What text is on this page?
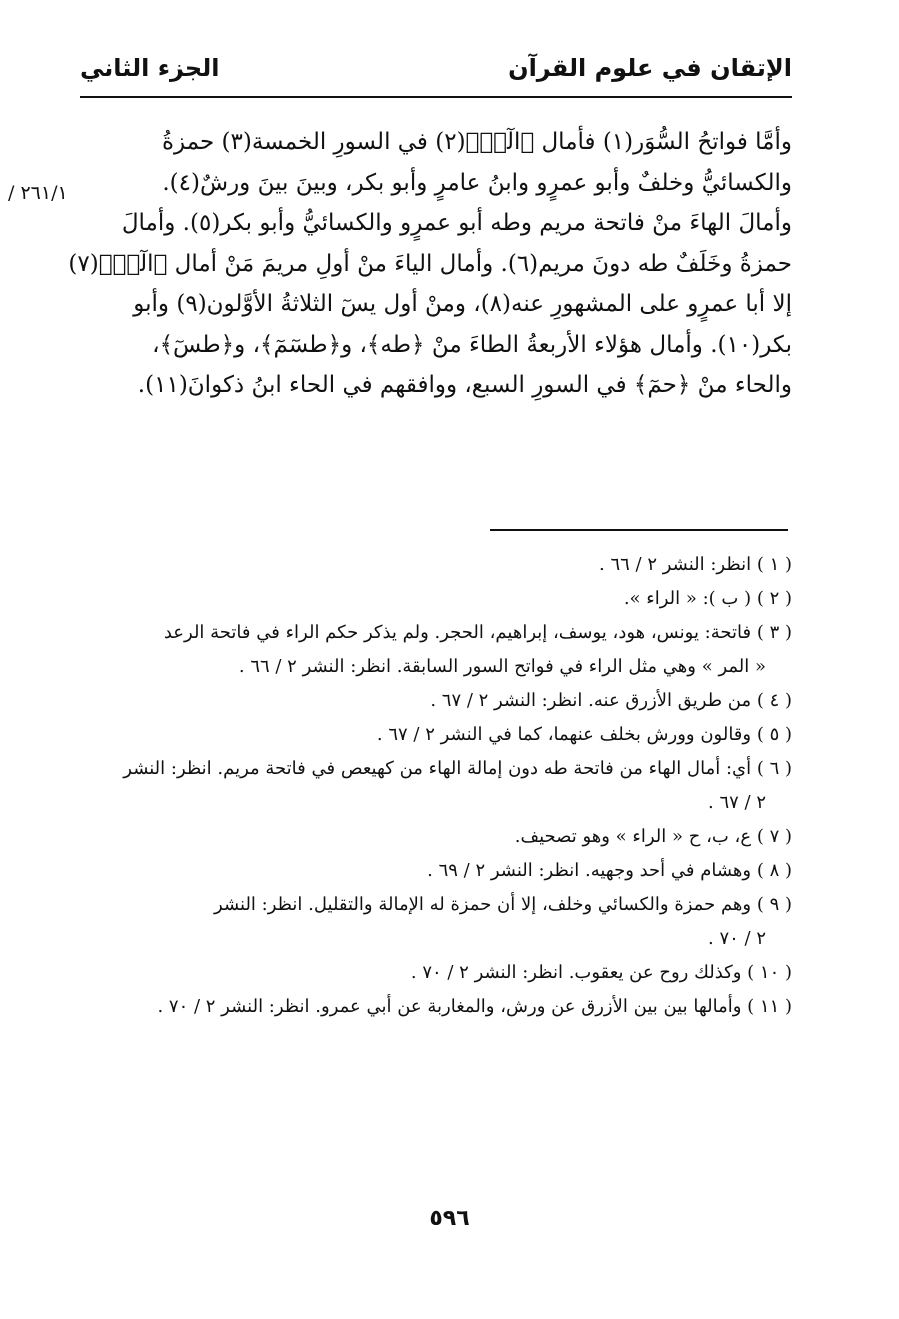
الإتقان في علوم القرآن
الجزء الثاني
٢٦١/١ /
وأمَّا فواتحُ السُّوَر(١) فأمال ﴿الٓرۚ﴾(٢) في السورِ الخمسة(٣) حمزةُ
والكسائيُّ وخلفٌ وأبو عمرٍو وابنُ عامرٍ وأبو بكر، وبينَ بينَ ورشٌ(٤).
وأمالَ الهاءَ منْ فاتحة مريم وطه أبو عمرٍو والكسائيُّ وأبو بكر(٥). وأمالَ
حمزةُ وخَلَفٌ طه دونَ مريم(٦). وأمال الياءَ منْ أولِ مريمَ مَنْ أمال ﴿الٓرۚ﴾(٧)
إلا أبا عمرٍو على المشهورِ عنه(٨)، ومنْ أول يسٓ الثلاثةُ الأوَّلون(٩) وأبو
بكر(١٠). وأمال هؤلاء الأربعةُ الطاءَ منْ ﴿طه﴾، و﴿طسٓمٓ﴾، و﴿طسٓ﴾،
والحاء منْ ﴿حمٓ﴾ في السورِ السبع، ووافقهم في الحاء ابنُ ذكوانَ(١١).
( ١ ) انظر: النشر ٢ / ٦٦ .
( ٢ ) ( ب ): « الراء ».
( ٣ ) فاتحة: يونس، هود، يوسف، إبراهيم، الحجر. ولم يذكر حكم الراء في فاتحة الرعد
« المر » وهي مثل الراء في فواتح السور السابقة. انظر: النشر ٢ / ٦٦ .
( ٤ ) من طريق الأزرق عنه. انظر: النشر ٢ / ٦٧ .
( ٥ ) وقالون وورش بخلف عنهما، كما في النشر ٢ / ٦٧ .
( ٦ ) أي: أمال الهاء من فاتحة طه دون إمالة الهاء من كهيعص في فاتحة مريم. انظر: النشر
٢ / ٦٧ .
( ٧ ) ع، ب، ح « الراء » وهو تصحيف.
( ٨ ) وهشام في أحد وجهيه. انظر: النشر ٢ / ٦٩ .
( ٩ ) وهم حمزة والكسائي وخلف، إلا أن حمزة له الإمالة والتقليل. انظر: النشر
٢ / ٧٠ .
( ١٠ ) وكذلك روح عن يعقوب. انظر: النشر ٢ / ٧٠ .
( ١١ ) وأمالها بين بين الأزرق عن ورش، والمغاربة عن أبي عمرو. انظر: النشر ٢ / ٧٠ .
٥٩٦
